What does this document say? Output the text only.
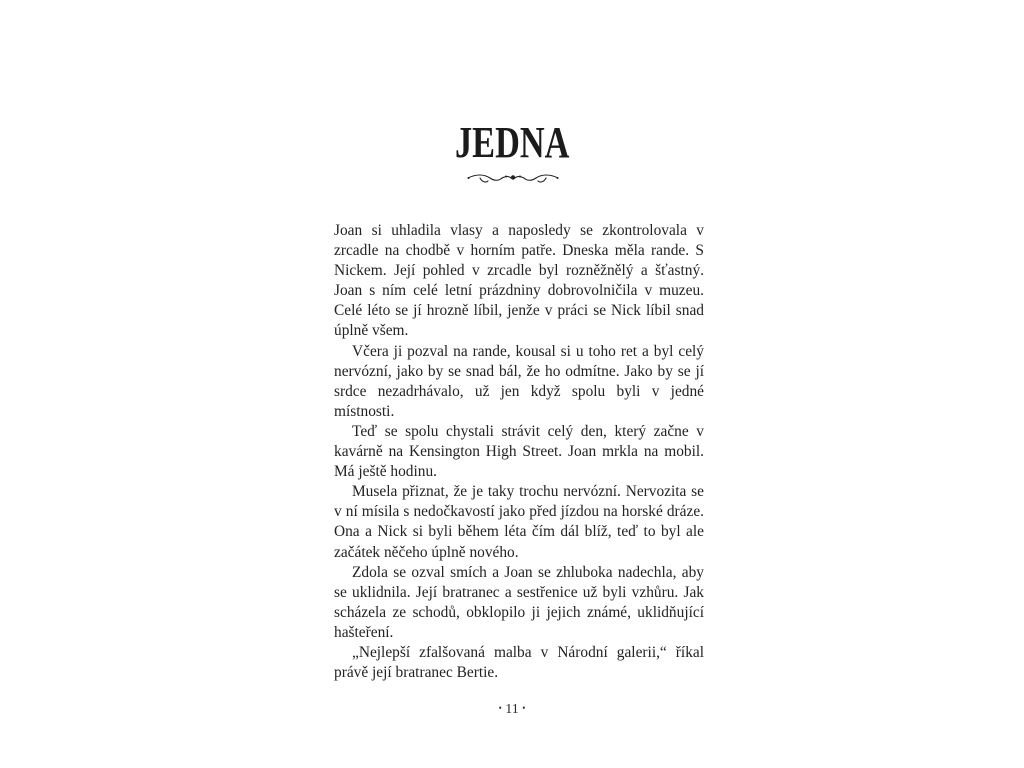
JEDNA

Joan si uhladila vlasy a naposledy se zkontrolovala v zrcadle na chodbě v horním patře. Dneska měla rande. S Nickem. Její pohled v zrcadle byl rozněžnělý a šťastný. Joan s ním celé letní prázdniny dobrovolničila v muzeu. Celé léto se jí hrozně líbil, jenže v práci se Nick líbil snad úplně všem.

Včera ji pozval na rande, kousal si u toho ret a byl celý nervózní, jako by se snad bál, že ho odmítne. Jako by se jí srdce nezadrhávalo, už jen když spolu byli v jedné místnosti.

Teď se spolu chystali strávit celý den, který začne v kavárně na Kensington High Street. Joan mrkla na mobil. Má ještě hodinu.

Musela přiznat, že je taky trochu nervózní. Nervozita se v ní mísila s nedočkavostí jako před jízdou na horské dráze. Ona a Nick si byli během léta čím dál blíž, teď to byl ale začátek něčeho úplně nového.

Zdola se ozval smích a Joan se zhluboka nadechla, aby se uklidnila. Její bratranec a sestřenice už byli vzhůru. Jak scházela ze schodů, obklopilo ji jejich známé, uklidňující hašteření.

„Nejlepší zfalšovaná malba v Národní galerii,“ říkal právě její bratranec Bertie.

• 11 •
